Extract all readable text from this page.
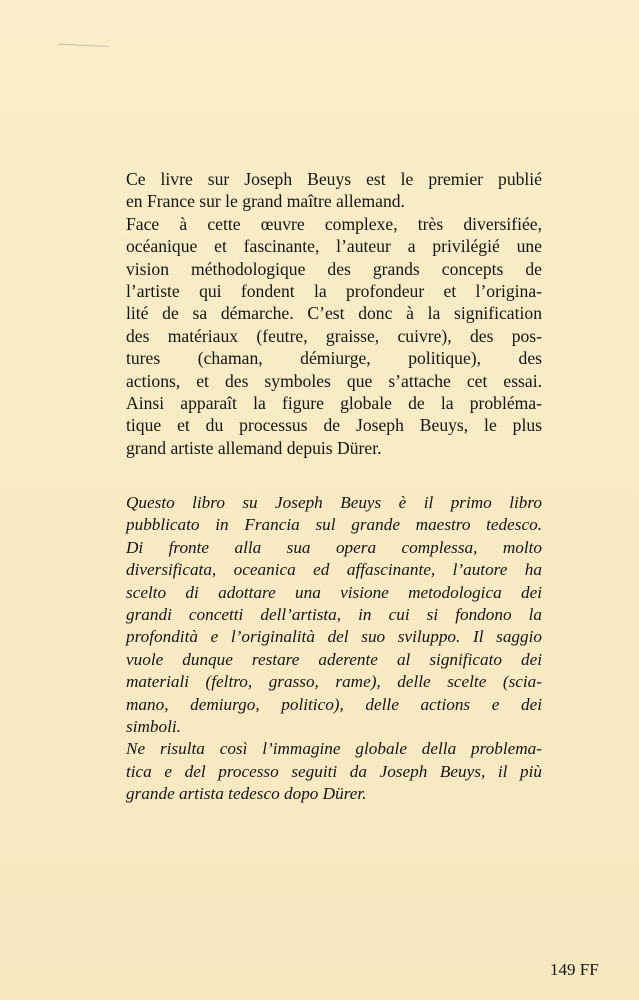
Ce livre sur Joseph Beuys est le premier publié
en France sur le grand maître allemand.
Face à cette œuvre complexe, très diversifiée,
océanique et fascinante, l’auteur a privilégié une
vision méthodologique des grands concepts de
l’artiste qui fondent la profondeur et l’origina-
lité de sa démarche. C’est donc à la signification
des matériaux (feutre, graisse, cuivre), des pos-
tures (chaman, démiurge, politique), des
actions, et des symboles que s’attache cet essai.
Ainsi apparaît la figure globale de la probléma-
tique et du processus de Joseph Beuys, le plus
grand artiste allemand depuis Dürer.
Questo libro su Joseph Beuys è il primo libro
pubblicato in Francia sul grande maestro tedesco.
Di fronte alla sua opera complessa, molto
diversificata, oceanica ed affascinante, l’autore ha
scelto di adottare una visione metodologica dei
grandi concetti dell’artista, in cui si fondono la
profondità e l’originalità del suo sviluppo. Il saggio
vuole dunque restare aderente al significato dei
materiali (feltro, grasso, rame), delle scelte (scia-
mano, demiurgo, politico), delle actions e dei
simboli.
Ne risulta così l’immagine globale della problema-
tica e del processo seguiti da Joseph Beuys, il più
grande artista tedesco dopo Dürer.
149 FF
